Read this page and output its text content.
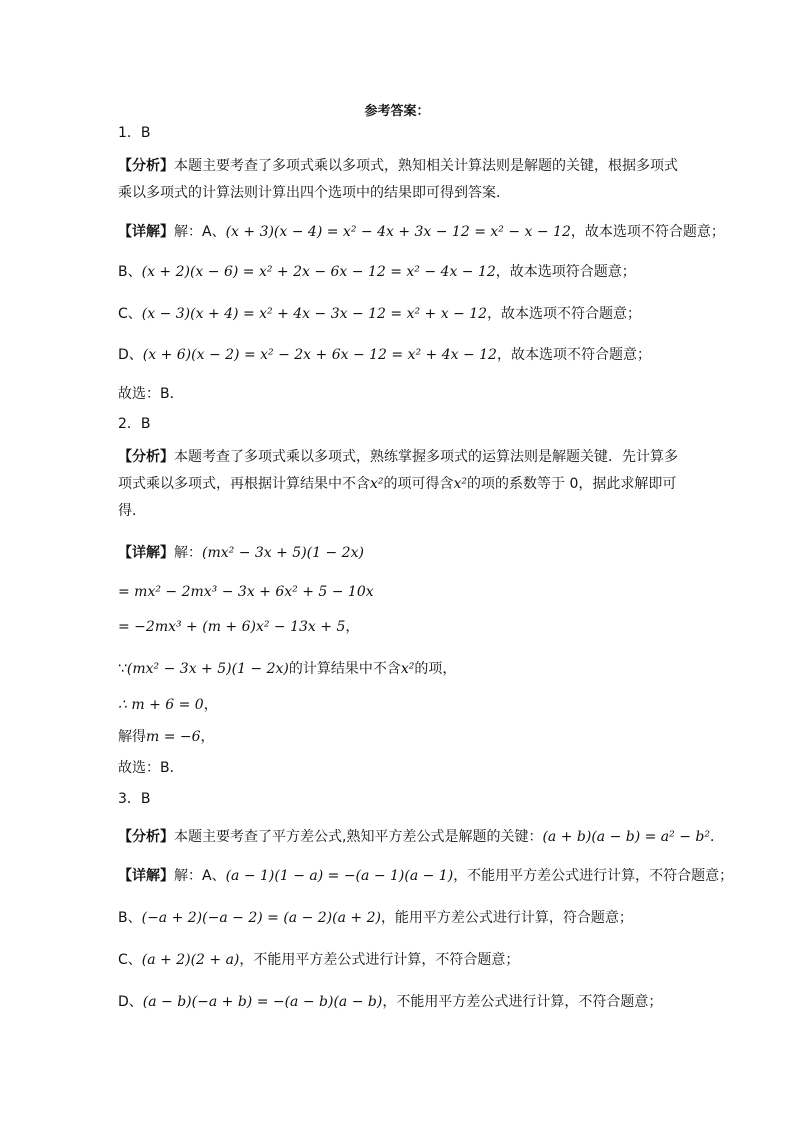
参考答案：
1．B
【分析】本题主要考查了多项式乘以多项式，熟知相关计算法则是解题的关键，根据多项式乘以多项式的计算法则计算出四个选项中的结果即可得到答案．
【详解】解：A、(x + 3)(x − 4) = x² − 4x + 3x − 12 = x² − x − 12，故本选项不符合题意；
B、(x + 2)(x − 6) = x² + 2x − 6x − 12 = x² − 4x − 12，故本选项符合题意；
C、(x − 3)(x + 4) = x² + 4x − 3x − 12 = x² + x − 12，故本选项不符合题意；
D、(x + 6)(x − 2) = x² − 2x + 6x − 12 = x² + 4x − 12，故本选项不符合题意；
故选：B．
2．B
【分析】本题考查了多项式乘以多项式，熟练掌握多项式的运算法则是解题关键．先计算多项式乘以多项式，再根据计算结果中不含x²的项可得含x²的项的系数等于 0，据此求解即可得．
【详解】解：(mx² − 3x + 5)(1 − 2x)
= mx² − 2mx³ − 3x + 6x² + 5 − 10x
= −2mx³ + (m + 6)x² − 13x + 5，
∵(mx² − 3x + 5)(1 − 2x)的计算结果中不含x²的项，
∴ m + 6 = 0，
解得m = −6，
故选：B．
3．B
【分析】本题主要考查了平方差公式,熟知平方差公式是解题的关键：(a + b)(a − b) = a² − b²．
【详解】解：A、(a − 1)(1 − a) = −(a − 1)(a − 1)，不能用平方差公式进行计算，不符合题意；
B、(−a + 2)(−a − 2) = (a − 2)(a + 2)，能用平方差公式进行计算，符合题意；
C、(a + 2)(2 + a)，不能用平方差公式进行计算，不符合题意；
D、(a − b)(−a + b) = −(a − b)(a − b)，不能用平方差公式进行计算，不符合题意；
